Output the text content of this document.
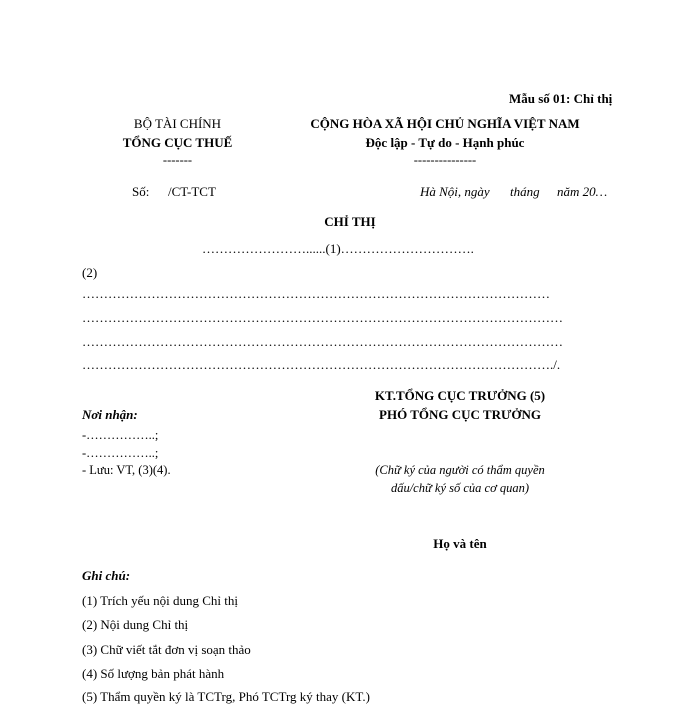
Mẫu số 01: Chỉ thị
BỘ TÀI CHÍNH
TỔNG CỤC THUẾ
-------
CỘNG HÒA XÃ HỘI CHỦ NGHĨA VIỆT NAM
Độc lập - Tự do - Hạnh phúc
---------------
Số: /CT-TCT	Hà Nội, ngày tháng năm 20…
CHỈ THỊ
……………………......(1)………………………….
(2)
………………………………………………………………………………………………
…………………………………………………………………………………………………
…………………………………………………………………………………………………
………………………………………………………………………………………………./.
KT.TỔNG CỤC TRƯỞNG (5)
PHÓ TỔNG CỤC TRƯỞNG
(Chữ ký của người có thẩm quyền
dấu/chữ ký số của cơ quan)
Họ và tên
Nơi nhận:
-……………..;
-……………..;
- Lưu: VT, (3)(4).
Ghi chú:
(1) Trích yếu nội dung Chỉ thị
(2) Nội dung Chỉ thị
(3) Chữ viết tắt đơn vị soạn thảo
(4) Số lượng bản phát hành
(5) Thẩm quyền ký là TCTrg, Phó TCTrg ký thay (KT.)
